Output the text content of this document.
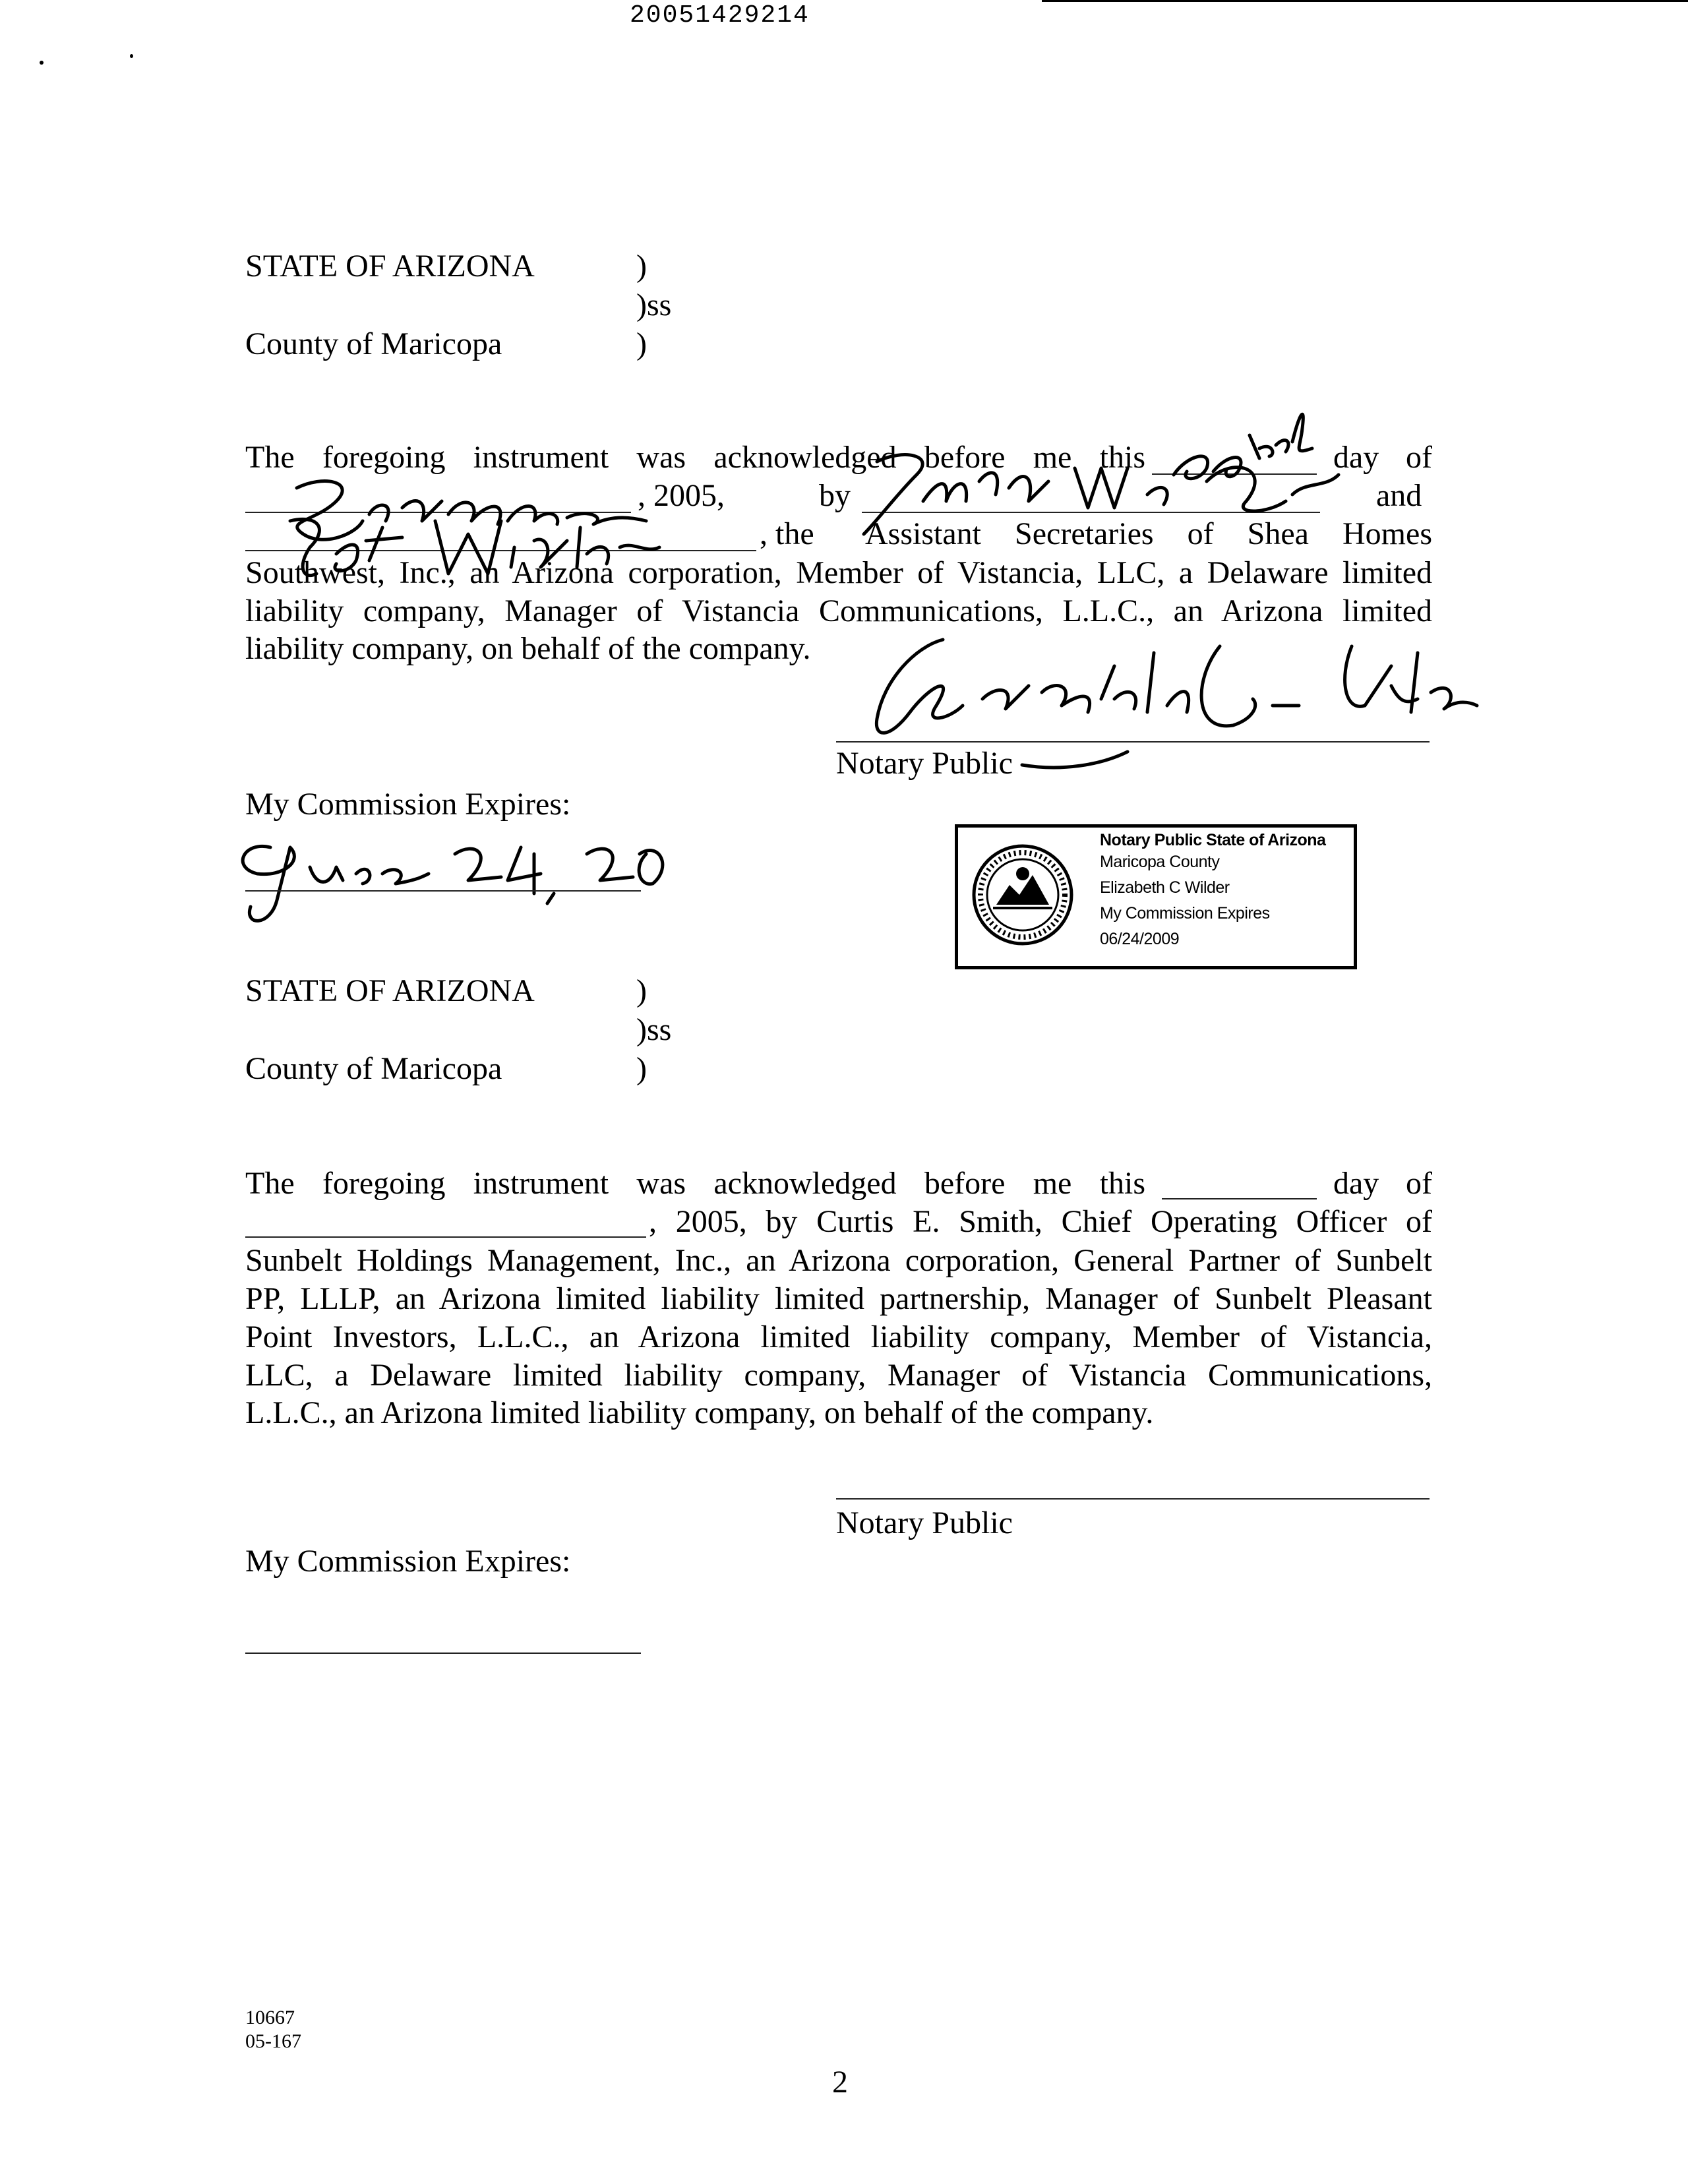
20051429214
STATE OF ARIZONA	)
)ss
County of Maricopa	)
The foregoing instrument was acknowledged before me this	day of
, 2005,	by	and
, the Assistant Secretaries of Shea Homes
Southwest, Inc., an Arizona corporation, Member of Vistancia, LLC, a Delaware limited
liability company, Manager of Vistancia Communications, L.L.C., an Arizona limited
liability company, on behalf of the company.
Notary Public
My Commission Expires:
Notary Public State of Arizona
Maricopa County
Elizabeth C Wilder
My Commission Expires
06/24/2009
STATE OF ARIZONA	)
)ss
County of Maricopa	)
The foregoing instrument was acknowledged before me this	day of
, 2005, by Curtis E. Smith, Chief Operating Officer of
Sunbelt Holdings Management, Inc., an Arizona corporation, General Partner of Sunbelt
PP, LLLP, an Arizona limited liability limited partnership, Manager of Sunbelt Pleasant
Point Investors, L.L.C., an Arizona limited liability company, Member of Vistancia,
LLC, a Delaware limited liability company, Manager of Vistancia Communications,
L.L.C., an Arizona limited liability company, on behalf of the company.
Notary Public
My Commission Expires:
10667
05-167
2
